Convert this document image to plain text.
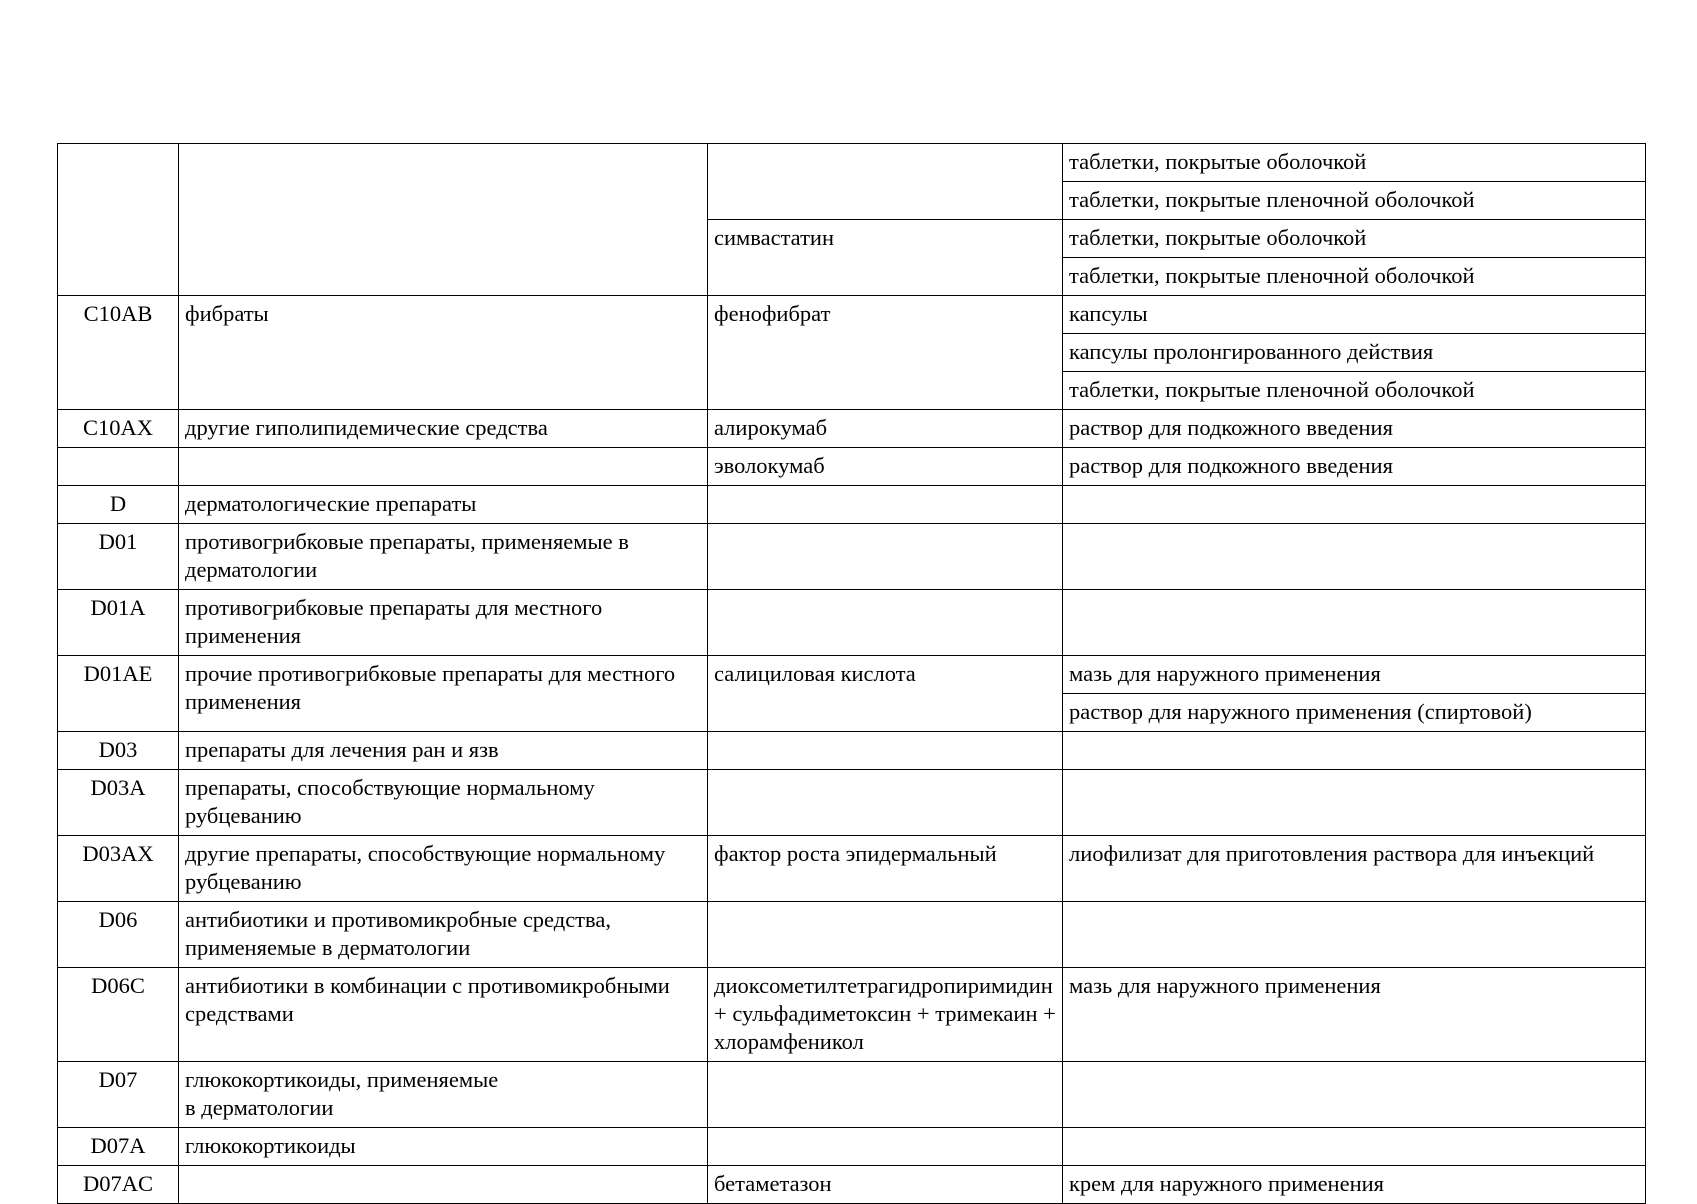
			таблетки, покрытые оболочкой

			таблетки, покрытые пленочной оболочкой

		симвастатин	таблетки, покрытые оболочкой

			таблетки, покрытые пленочной оболочкой

C10AB	фибраты	фенофибрат	капсулы

			капсулы пролонгированного действия

			таблетки, покрытые пленочной оболочкой

C10AX	другие гиполипидемические средства	алирокумаб	раствор для подкожного введения

		эволокумаб	раствор для подкожного введения

D	дерматологические препараты		

D01	противогрибковые препараты, применяемые в дерматологии		

D01A	противогрибковые препараты для местного применения		

D01AE	прочие противогрибковые препараты для местного применения	салициловая кислота	мазь для наружного применения

			раствор для наружного применения (спиртовой)

D03	препараты для лечения ран и язв		

D03A	препараты, способствующие нормальному рубцеванию		

D03AX	другие препараты, способствующие нормальному рубцеванию	фактор роста эпидермальный	лиофилизат для приготовления раствора для инъекций

D06	антибиотики и противомикробные средства, применяемые в дерматологии		

D06C	антибиотики в комбинации с противомикробными средствами	диоксометилтетрагидропиримидин + сульфадиметоксин + тримекаин + хлорамфеникол	мазь для наружного применения

D07	глюкокортикоиды, применяемые
в дерматологии		

D07A	глюкокортикоиды		

D07AC		бетаметазон	крем для наружного применения
